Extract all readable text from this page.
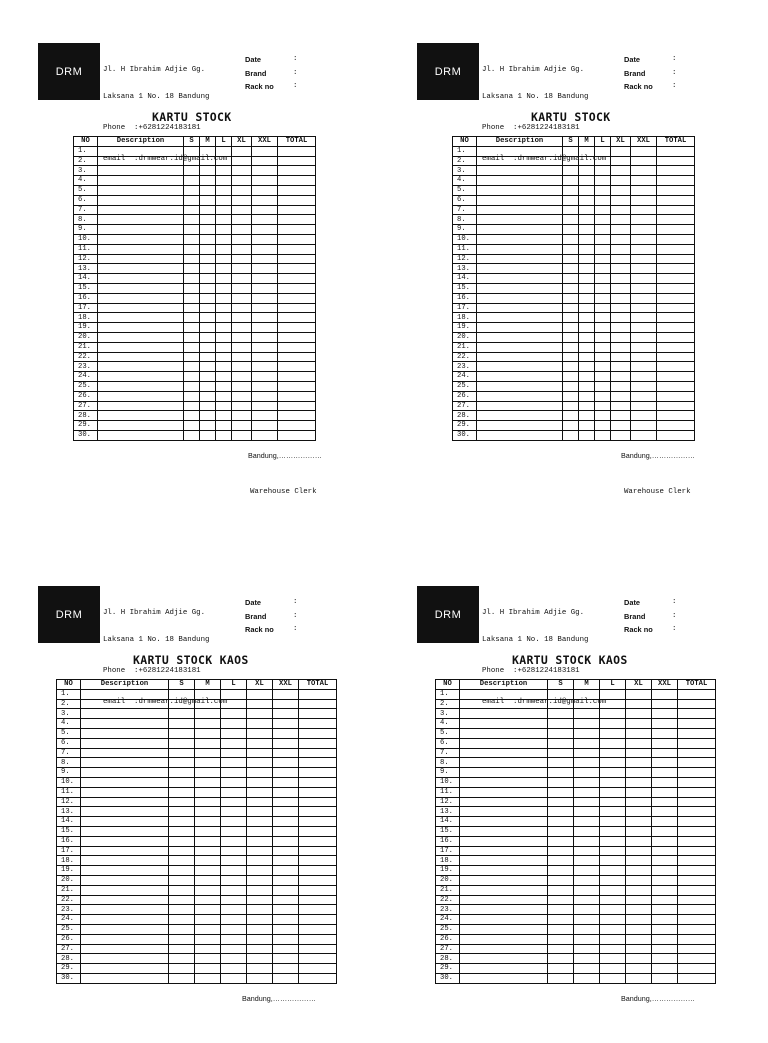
DRM

	Jl. H Ibrahim Adjie Gg.

Laksana 1 No. 18 Bandung

Phone  :+6281224183181

email  :drmwear.id@gmail.com

Date	:
Brand	:
Rack no	:
KARTU STOCK
NO	Description	S	M	L	XL	XXL	TOTAL
1.							
2.							
3.							
4.							
5.							
6.							
7.							
8.							
9.							
10.							
11.							
12.							
13.							
14.							
15.							
16.							
17.							
18.							
19.							
20.							
21.							
22.							
23.							
24.							
25.							
26.							
27.							
28.							
29.							
30.							
Bandung,………………
Warehouse Clerk
DRM

	Jl. H Ibrahim Adjie Gg.

Laksana 1 No. 18 Bandung

Phone  :+6281224183181

email  :drmwear.id@gmail.com

Date	:
Brand	:
Rack no	:
KARTU STOCK
NO	Description	S	M	L	XL	XXL	TOTAL
1.							
2.							
3.							
4.							
5.							
6.							
7.							
8.							
9.							
10.							
11.							
12.							
13.							
14.							
15.							
16.							
17.							
18.							
19.							
20.							
21.							
22.							
23.							
24.							
25.							
26.							
27.							
28.							
29.							
30.							
Bandung,………………
Warehouse Clerk
DRM

	Jl. H Ibrahim Adjie Gg.

Laksana 1 No. 18 Bandung

Phone  :+6281224183181

email  :drmwear.id@gmail.com

Date	:
Brand	:
Rack no	:
KARTU STOCK KAOS
NO	Description	S	M	L	XL	XXL	TOTAL
1.							
2.							
3.							
4.							
5.							
6.							
7.							
8.							
9.							
10.							
11.							
12.							
13.							
14.							
15.							
16.							
17.							
18.							
19.							
20.							
21.							
22.							
23.							
24.							
25.							
26.							
27.							
28.							
29.							
30.							
Bandung,………………
DRM

	Jl. H Ibrahim Adjie Gg.

Laksana 1 No. 18 Bandung

Phone  :+6281224183181

email  :drmwear.id@gmail.com

Date	:
Brand	:
Rack no	:
KARTU STOCK KAOS
NO	Description	S	M	L	XL	XXL	TOTAL
1.							
2.							
3.							
4.							
5.							
6.							
7.							
8.							
9.							
10.							
11.							
12.							
13.							
14.							
15.							
16.							
17.							
18.							
19.							
20.							
21.							
22.							
23.							
24.							
25.							
26.							
27.							
28.							
29.							
30.							
Bandung,………………
